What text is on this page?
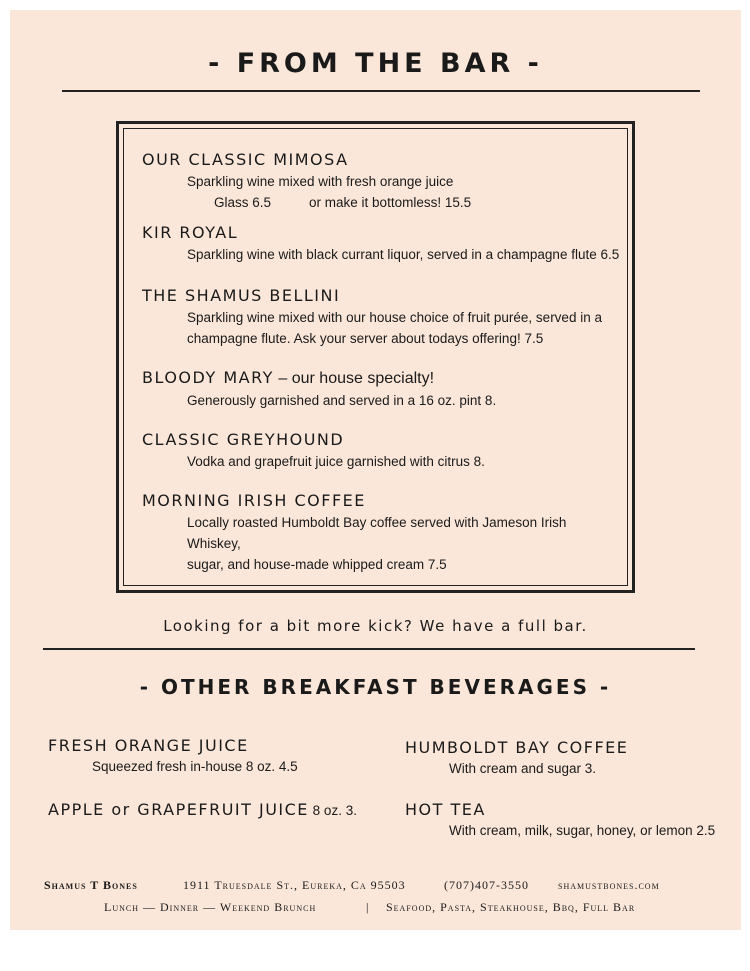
- FROM THE BAR -
OUR CLASSIC MIMOSA
Sparkling wine mixed with fresh orange juice
Glass 6.5	or make it bottomless! 15.5
KIR ROYAL
Sparkling wine with black currant liquor, served in a champagne flute 6.5
THE SHAMUS BELLINI
Sparkling wine mixed with our house choice of fruit purée, served in a
champagne flute. Ask your server about todays offering! 7.5
BLOODY MARY – our house specialty!
Generously garnished and served in a 16 oz. pint 8.
CLASSIC GREYHOUND
Vodka and grapefruit juice garnished with citrus 8.
MORNING IRISH COFFEE
Locally roasted Humboldt Bay coffee served with Jameson Irish Whiskey,
sugar, and house-made whipped cream 7.5
Looking for a bit more kick? We have a full bar.
- OTHER BREAKFAST BEVERAGES -
FRESH ORANGE JUICE
Squeezed fresh in-house 8 oz. 4.5
APPLE or GRAPEFRUIT JUICE 8 oz. 3.
HUMBOLDT BAY COFFEE
With cream and sugar 3.
HOT TEA
With cream, milk, sugar, honey, or lemon 2.5
Shamus T Bones	1911 Truesdale St., Eureka, Ca 95503	(707)407-3550 shamustbones.com
Lunch — Dinner — Weekend Brunch	| Seafood, Pasta, Steakhouse, Bbq, Full Bar
